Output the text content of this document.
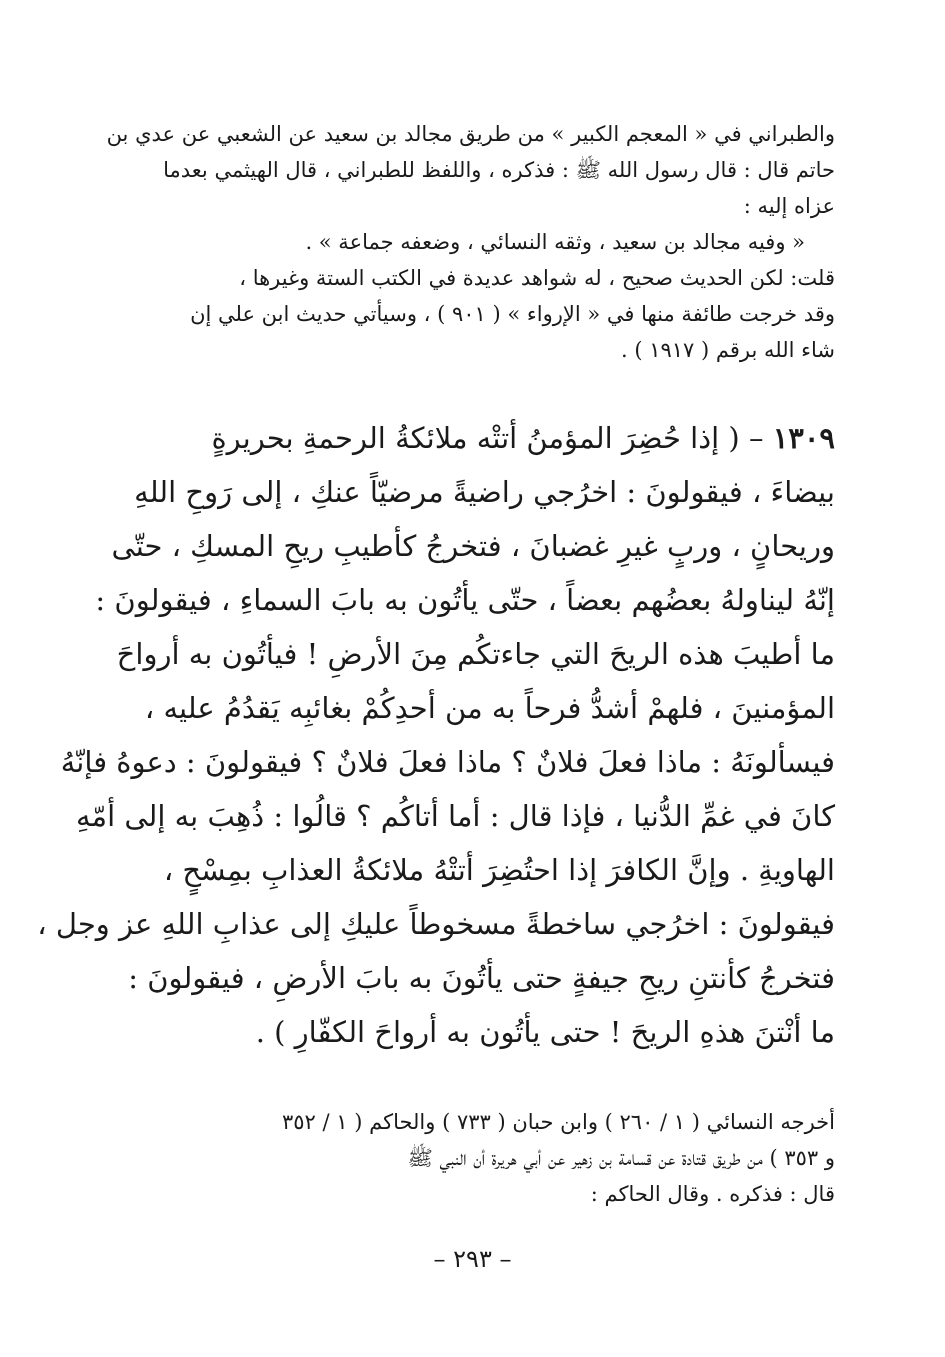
والطبراني في « المعجم الكبير » من طريق مجالد بن سعيد عن الشعبي عن عدي بن
حاتم قال : قال رسول الله ﷺ : فذكره ، واللفظ للطبراني ، قال الهيثمي بعدما
عزاه إليه :
« وفيه مجالد بن سعيد ، وثقه النسائي ، وضعفه جماعة » .
قلت: لكن الحديث صحيح ، له شواهد عديدة في الكتب الستة وغيرها ،
وقد خرجت طائفة منها في « الإرواء » ( ٩٠١ ) ، وسيأتي حديث ابن علي إن
شاء الله برقم ( ١٩١٧ ) .
١٣٠٩ – ( إذا حُضِرَ المؤمنُ أتتْه ملائكةُ الرحمةِ بحريرةٍ
بيضاءَ ، فيقولونَ : اخرُجي راضيةً مرضيّاً عنكِ ، إلى رَوحِ اللهِ
وريحانٍ ، وربٍ غيرِ غضبانَ ، فتخرجُ كأطيبِ ريحِ المسكِ ، حتّى
إنّهُ ليناولهُ بعضُهم بعضاً ، حتّى يأتُون به بابَ السماءِ ، فيقولونَ :
ما أطيبَ هذه الريحَ التي جاءتكُم مِنَ الأرضِ ! فيأتُون به أرواحَ
المؤمنينَ ، فلهمْ أشدُّ فرحاً به من أحدِكُمْ بغائبِه يَقدُمُ عليه ،
فيسألونَهُ : ماذا فعلَ فلانٌ ؟ ماذا فعلَ فلانٌ ؟ فيقولونَ : دعوهُ فإنّهُ
كانَ في غمِّ الدُّنيا ، فإذا قال : أما أتاكُم ؟ قالُوا : ذُهِبَ به إلى أمّهِ
الهاويةِ . وإنَّ الكافرَ إذا احتُضِرَ أتتْهُ ملائكةُ العذابِ بمِسْحٍ ،
فيقولونَ : اخرُجي ساخطةً مسخوطاً عليكِ إلى عذابِ اللهِ عز وجل ،
فتخرجُ كأنتنِ ريحِ جيفةٍ حتى يأتُونَ به بابَ الأرضِ ، فيقولونَ :
ما أنْتنَ هذهِ الريحَ ! حتى يأتُون به أرواحَ الكفّارِ ) .
أخرجه النسائي ( ١ / ٢٦٠ ) وابن حبان ( ٧٣٣ ) والحاكم ( ١ / ٣٥٢
و ٣٥٣ ) من طريق قتادة عن قسامة بن زهير عن أبي هريرة أن النبي ﷺ
قال : فذكره . وقال الحاكم :
– ٢٩٣ –
